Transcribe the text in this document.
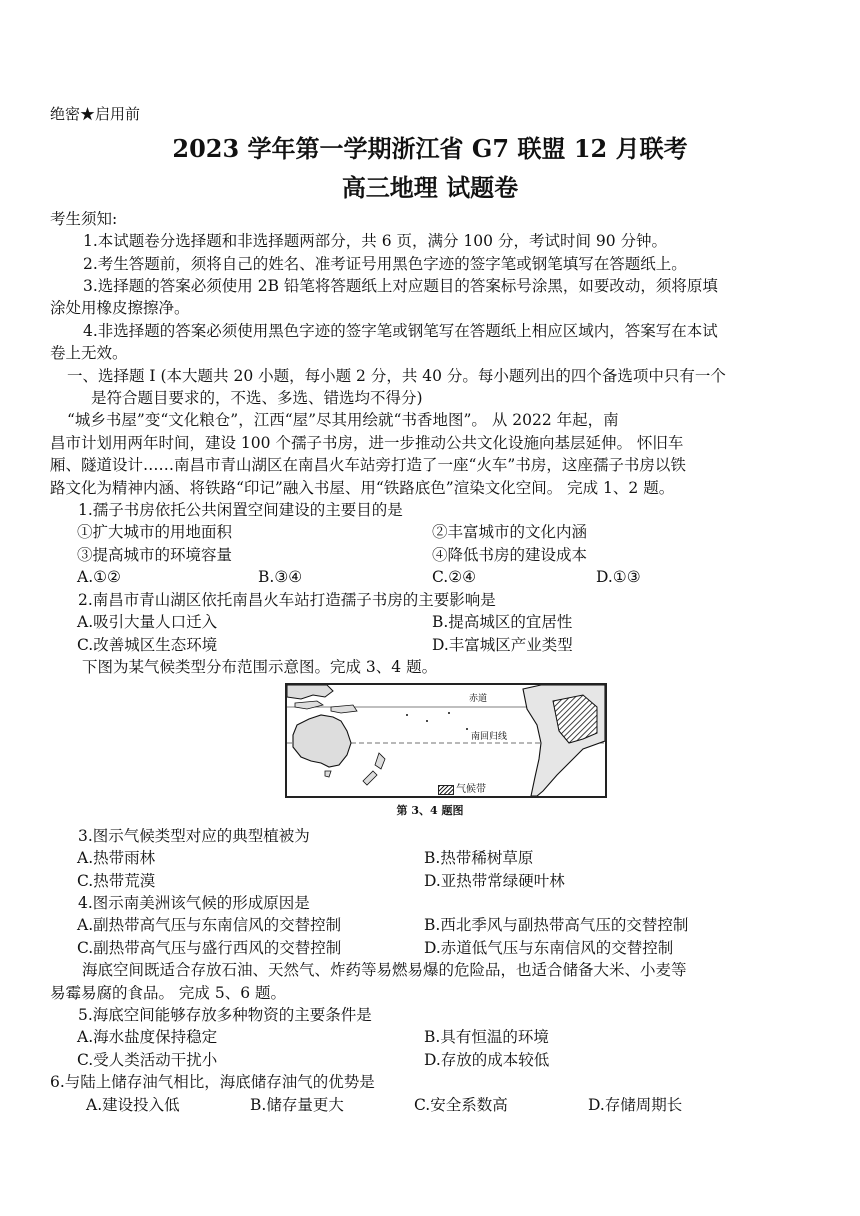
绝密★启用前
2023 学年第一学期浙江省 G7 联盟 12 月联考
高三地理 试题卷
考生须知:
1.本试题卷分选择题和非选择题两部分，共 6 页，满分 100 分，考试时间 90 分钟。
2.考生答题前，须将自己的姓名、准考证号用黑色字迹的签字笔或钢笔填写在答题纸上。
3.选择题的答案必须使用 2B 铅笔将答题纸上对应题目的答案标号涂黑，如要改动，须将原填
涂处用橡皮擦擦净。
4.非选择题的答案必须使用黑色字迹的签字笔或钢笔写在答题纸上相应区域内，答案写在本试
卷上无效。
一、选择题 I (本大题共 20 小题，每小题 2 分，共 40 分。每小题列出的四个备选项中只有一个
是符合题目要求的，不选、多选、错选均不得分)
“城乡书屋”变“文化粮仓”，江西“屋”尽其用绘就“书香地图”。 从 2022 年起，南
昌市计划用两年时间，建设 100 个孺子书房，进一步推动公共文化设施向基层延伸。 怀旧车
厢、隧道设计……南昌市青山湖区在南昌火车站旁打造了一座“火车”书房，这座孺子书房以铁
路文化为精神内涵、将铁路“印记”融入书屋、用“铁路底色”渲染文化空间。 完成 1、2 题。
1.孺子书房依托公共闲置空间建设的主要目的是
①扩大城市的用地面积	②丰富城市的文化内涵
③提高城市的环境容量	④降低书房的建设成本
A.①②	B.③④	C.②④	D.①③
2.南昌市青山湖区依托南昌火车站打造孺子书房的主要影响是
A.吸引大量人口迁入	B.提高城区的宜居性
C.改善城区生态环境	D.丰富城区产业类型
下图为某气候类型分布范围示意图。完成 3、4 题。
赤道
南回归线
气候带
第 3、4 题图
3.图示气候类型对应的典型植被为
A.热带雨林	B.热带稀树草原
C.热带荒漠	D.亚热带常绿硬叶林
4.图示南美洲该气候的形成原因是
A.副热带高气压与东南信风的交替控制	B.西北季风与副热带高气压的交替控制
C.副热带高气压与盛行西风的交替控制	D.赤道低气压与东南信风的交替控制
海底空间既适合存放石油、天然气、炸药等易燃易爆的危险品，也适合储备大米、小麦等
易霉易腐的食品。 完成 5、6 题。
5.海底空间能够存放多种物资的主要条件是
A.海水盐度保持稳定	B.具有恒温的环境
C.受人类活动干扰小	D.存放的成本较低
6.与陆上储存油气相比，海底储存油气的优势是
A.建设投入低	B.储存量更大	C.安全系数高	D.存储周期长
